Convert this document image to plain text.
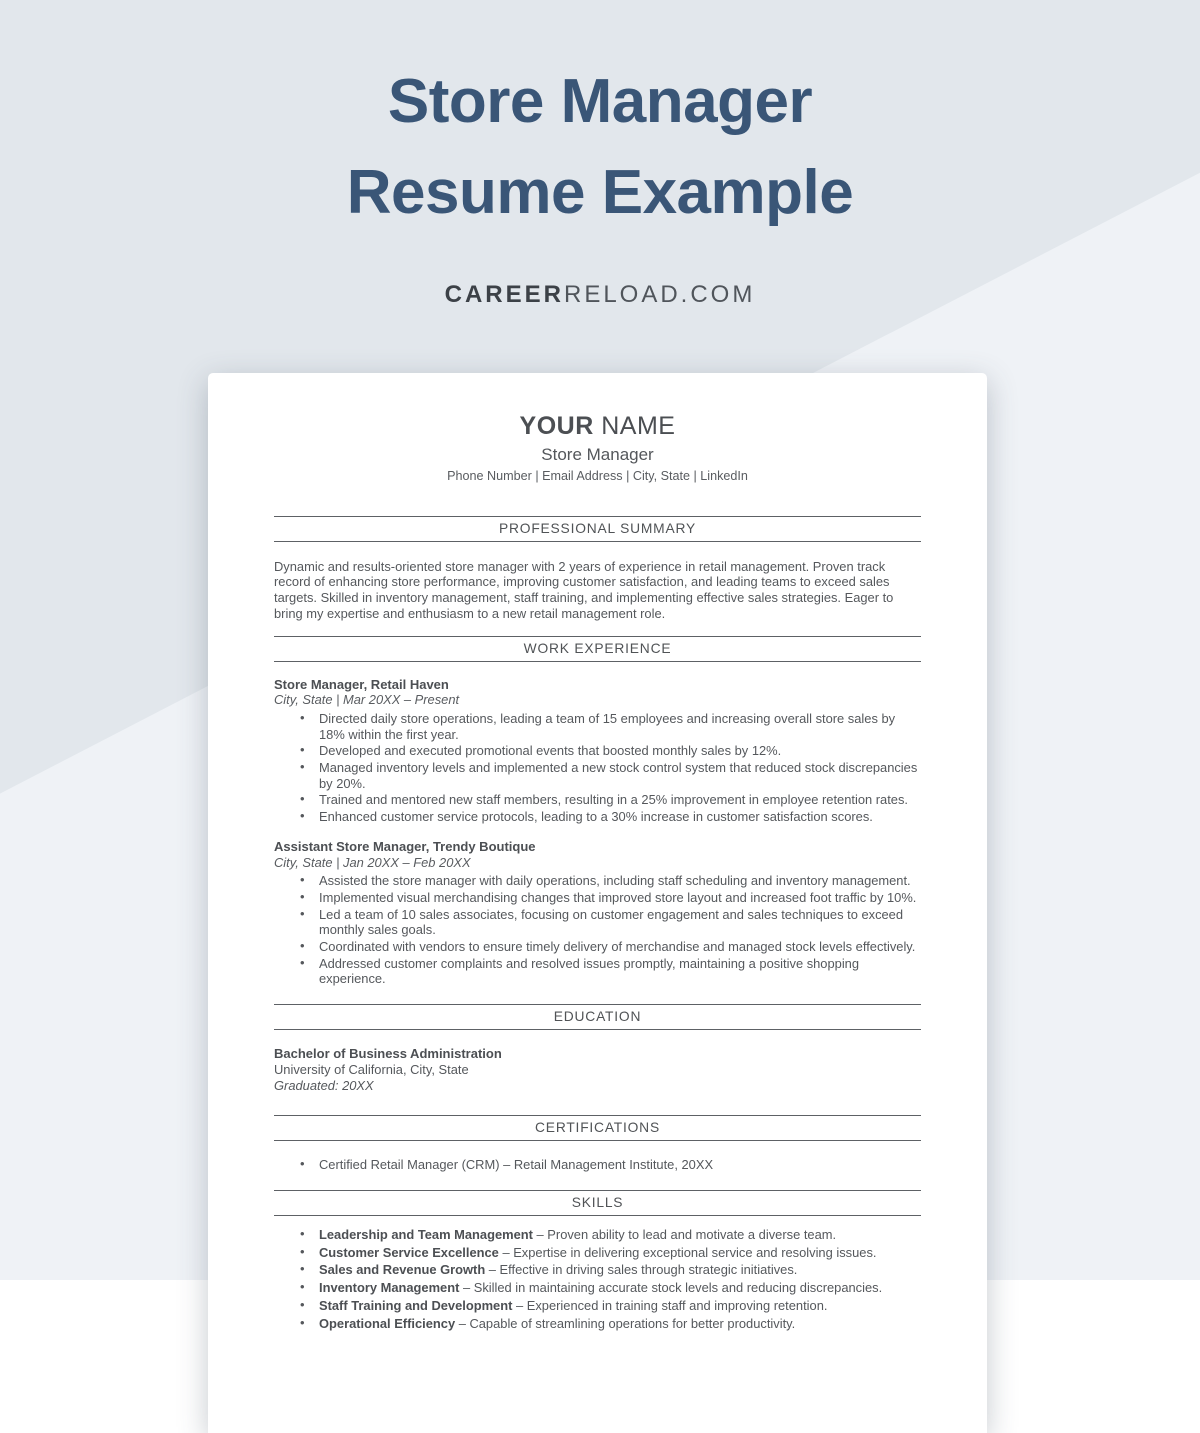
Store Manager
Resume Example
CAREERRELOAD.COM
YOUR NAME
Store Manager
Phone Number | Email Address | City, State | LinkedIn
PROFESSIONAL SUMMARY

Dynamic and results-oriented store manager with 2 years of experience in retail management. Proven track record of enhancing store performance, improving customer satisfaction, and leading teams to exceed sales targets. Skilled in inventory management, staff training, and implementing effective sales strategies. Eager to bring my expertise and enthusiasm to a new retail management role.

WORK EXPERIENCE
Store Manager, Retail Haven
City, State | Mar 20XX – Present
• Directed daily store operations, leading a team of 15 employees and increasing overall store sales by 18% within the first year.
• Developed and executed promotional events that boosted monthly sales by 12%.
• Managed inventory levels and implemented a new stock control system that reduced stock discrepancies by 20%.
• Trained and mentored new staff members, resulting in a 25% improvement in employee retention rates.
• Enhanced customer service protocols, leading to a 30% increase in customer satisfaction scores.
Assistant Store Manager, Trendy Boutique
City, State | Jan 20XX – Feb 20XX
• Assisted the store manager with daily operations, including staff scheduling and inventory management.
• Implemented visual merchandising changes that improved store layout and increased foot traffic by 10%.
• Led a team of 10 sales associates, focusing on customer engagement and sales techniques to exceed monthly sales goals.
• Coordinated with vendors to ensure timely delivery of merchandise and managed stock levels effectively.
• Addressed customer complaints and resolved issues promptly, maintaining a positive shopping experience.
EDUCATION
Bachelor of Business Administration
University of California, City, State
Graduated: 20XX
CERTIFICATIONS
• Certified Retail Manager (CRM) – Retail Management Institute, 20XX
SKILLS
• Leadership and Team Management – Proven ability to lead and motivate a diverse team.
• Customer Service Excellence – Expertise in delivering exceptional service and resolving issues.
• Sales and Revenue Growth – Effective in driving sales through strategic initiatives.
• Inventory Management – Skilled in maintaining accurate stock levels and reducing discrepancies.
• Staff Training and Development – Experienced in training staff and improving retention.
• Operational Efficiency – Capable of streamlining operations for better productivity.
